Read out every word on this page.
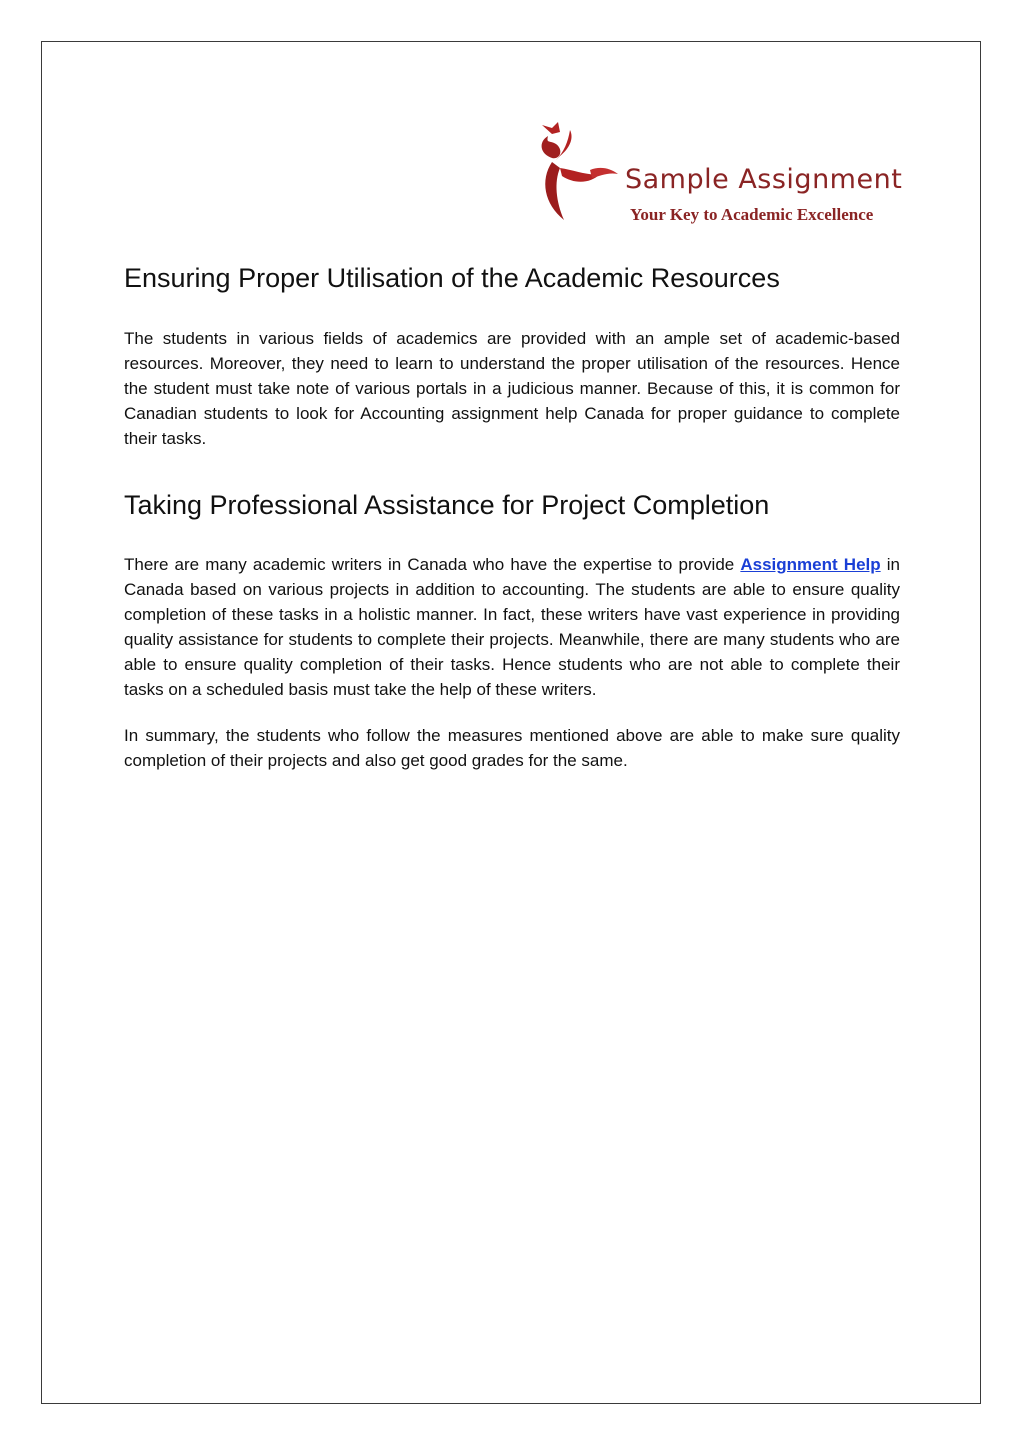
Sample Assignment
Your Key to Academic Excellence
Ensuring Proper Utilisation of the Academic Resources

The students in various fields of academics are provided with an ample set of academic-based resources. Moreover, they need to learn to understand the proper utilisation of the resources. Hence the student must take note of various portals in a judicious manner. Because of this, it is common for Canadian students to look for Accounting assignment help Canada for proper guidance to complete their tasks.

Taking Professional Assistance for Project Completion

There are many academic writers in Canada who have the expertise to provide Assignment Help in Canada based on various projects in addition to accounting. The students are able to ensure quality completion of these tasks in a holistic manner. In fact, these writers have vast experience in providing quality assistance for students to complete their projects. Meanwhile, there are many students who are able to ensure quality completion of their tasks. Hence students who are not able to complete their tasks on a scheduled basis must take the help of these writers.

In summary, the students who follow the measures mentioned above are able to make sure quality completion of their projects and also get good grades for the same.
